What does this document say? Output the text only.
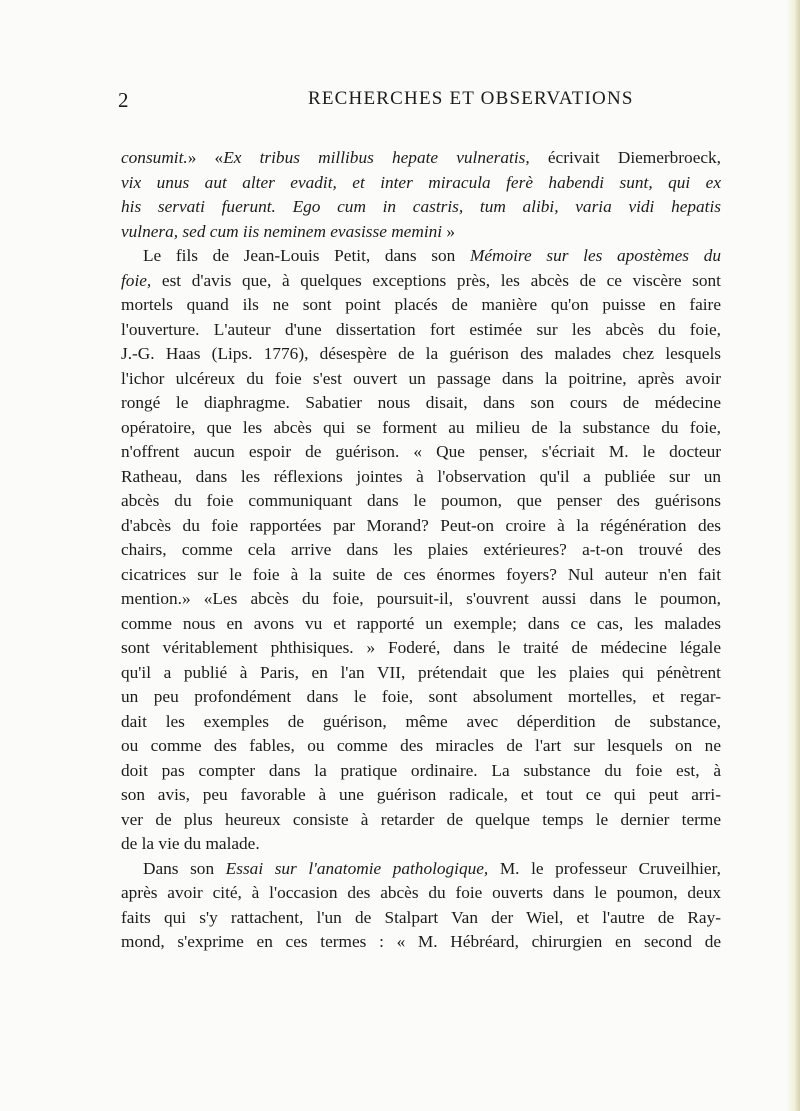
2	RECHERCHES ET OBSERVATIONS
consumit.» «Ex tribus millibus hepate vulneratis, écrivait Diemerbroeck,
vix unus aut alter evadit, et inter miracula ferè habendi sunt, qui ex
his servati fuerunt. Ego cum in castris, tum alibi, varia vidi hepatis
vulnera, sed cum iis neminem evasisse memini »
Le fils de Jean-Louis Petit, dans son Mémoire sur les apostèmes du
foie, est d'avis que, à quelques exceptions près, les abcès de ce viscère sont
mortels quand ils ne sont point placés de manière qu'on puisse en faire
l'ouverture. L'auteur d'une dissertation fort estimée sur les abcès du foie,
J.-G. Haas (Lips. 1776), désespère de la guérison des malades chez lesquels
l'ichor ulcéreux du foie s'est ouvert un passage dans la poitrine, après avoir
rongé le diaphragme. Sabatier nous disait, dans son cours de médecine
opératoire, que les abcès qui se forment au milieu de la substance du foie,
n'offrent aucun espoir de guérison. « Que penser, s'écriait M. le docteur
Ratheau, dans les réflexions jointes à l'observation qu'il a publiée sur un
abcès du foie communiquant dans le poumon, que penser des guérisons
d'abcès du foie rapportées par Morand? Peut-on croire à la régénération des
chairs, comme cela arrive dans les plaies extérieures? a-t-on trouvé des
cicatrices sur le foie à la suite de ces énormes foyers? Nul auteur n'en fait
mention.» «Les abcès du foie, poursuit-il, s'ouvrent aussi dans le poumon,
comme nous en avons vu et rapporté un exemple; dans ce cas, les malades
sont véritablement phthisiques. » Foderé, dans le traité de médecine légale
qu'il a publié à Paris, en l'an VII, prétendait que les plaies qui pénètrent
un peu profondément dans le foie, sont absolument mortelles, et regar-
dait les exemples de guérison, même avec déperdition de substance,
ou comme des fables, ou comme des miracles de l'art sur lesquels on ne
doit pas compter dans la pratique ordinaire. La substance du foie est, à
son avis, peu favorable à une guérison radicale, et tout ce qui peut arri-
ver de plus heureux consiste à retarder de quelque temps le dernier terme
de la vie du malade.
Dans son Essai sur l'anatomie pathologique, M. le professeur Cruveilhier,
après avoir cité, à l'occasion des abcès du foie ouverts dans le poumon, deux
faits qui s'y rattachent, l'un de Stalpart Van der Wiel, et l'autre de Ray-
mond, s'exprime en ces termes : « M. Hébréard, chirurgien en second de
